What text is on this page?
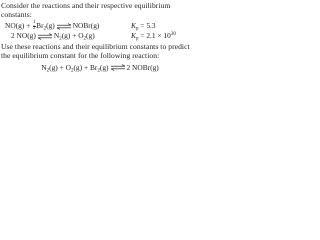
Consider the reactions and their respective equilibrium constants:

$NO(g) + \frac{1}{2}$ $Br_2(g)\rightleftharpoons NOBr(g)$	$K_p = 5.3$
2 $NO(g)\rightleftharpoons N_2(g) + O_2(g)$	$K_p = 2.1 \times 10^{30}$

Use these reactions and their equilibrium constants to predict the equilibrium constant for the following reaction:

$N_2(g) + O_2(g)$ + $Br_2(g)\rightleftharpoons 2$ NOBr(g)
